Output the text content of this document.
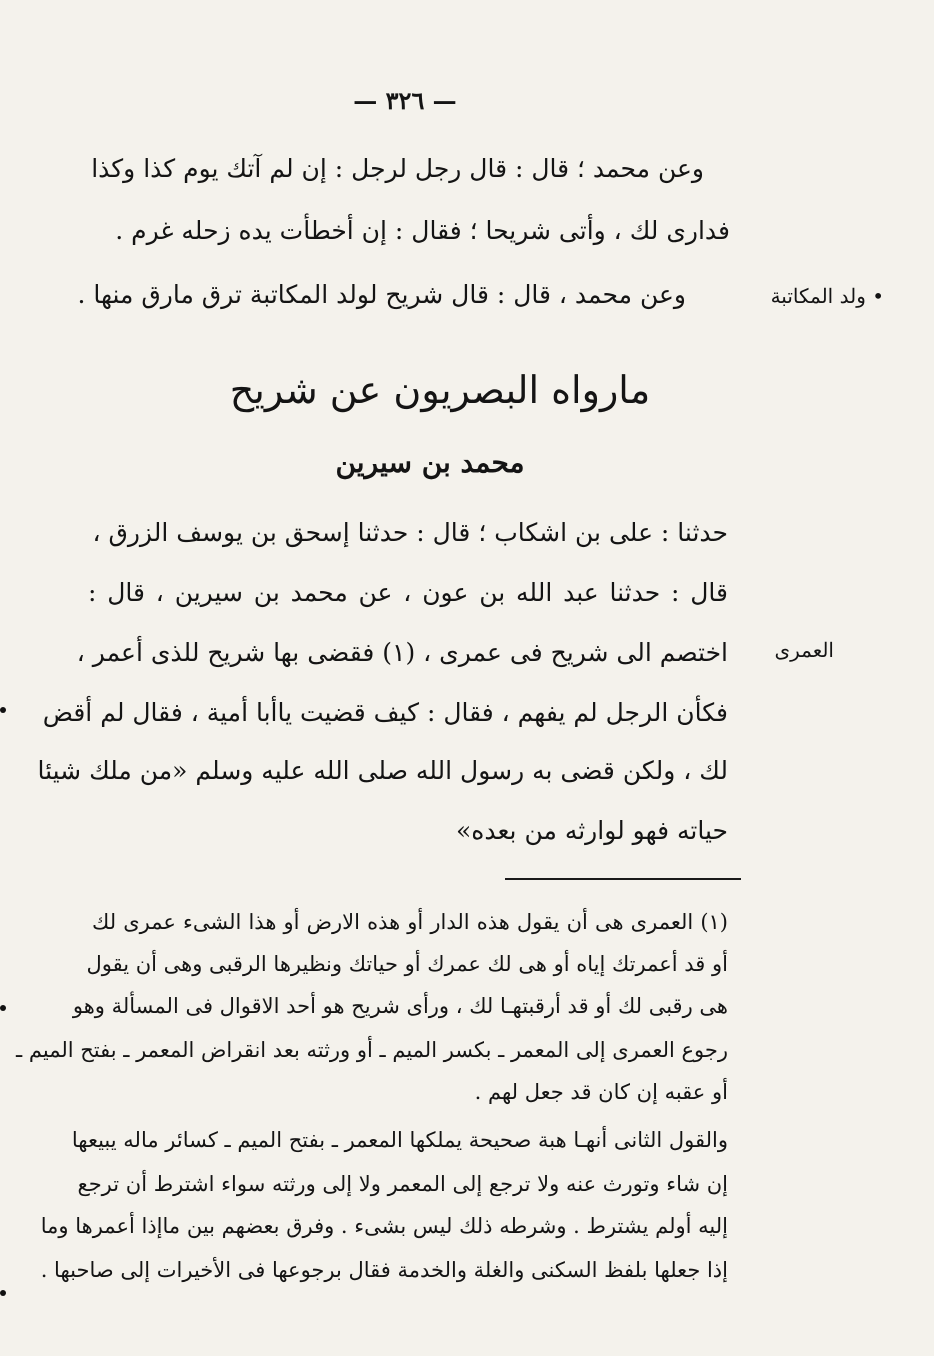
— ٣٢٦ —
وعن محمد ؛ قال : قال رجل لرجل : إن لم آتك يوم كذا وكذا
فدارى لك ، وأتى شريحا ؛ فقال : إن أخطأت يده زحله غرم .
وعن محمد ، قال : قال شريح لولد المكاتبة ترق مارق منها .	• ولد المكاتبة
مارواه البصريون عن شريح
محمد بن سيرين
حدثنا : على بن اشكاب ؛ قال : حدثنا إسحق بن يوسف الزرق ،
قال : حدثنا عبد الله بن عون ، عن محمد بن سيرين ، قال :
اختصم الى شريح فى عمرى ، (١) فقضى بها شريح للذى أعمر ،
فكأن الرجل لم يفهم ، فقال : كيف قضيت ياأبا أمية ، فقال لم أقض
لك ، ولكن قضى به رسول الله صلى الله عليه وسلم «من ملك شيئا
حياته فهو لوارثه من بعده»
العمرى
(١) العمرى هى أن يقول هذه الدار أو هذه الارض أو هذا الشىء عمرى لك
أو قد أعمرتك إياه أو هى لك عمرك أو حياتك ونظيرها الرقبى وهى أن يقول
هى رقبى لك أو قد أرقبتهـا لك ، ورأى شريح هو أحد الاقوال فى المسألة وهو
رجوع العمرى إلى المعمر ـ بكسر الميم ـ أو ورثته بعد انقراض المعمر ـ بفتح الميم ـ
أو عقبه إن كان قد جعل لهم .
والقول الثانى أنهـا هبة صحيحة يملكها المعمر ـ بفتح الميم ـ كسائر ماله يبيعها
إن شاء وتورث عنه ولا ترجع إلى المعمر ولا إلى ورثته سواء اشترط أن ترجع
إليه أولم يشترط . وشرطه ذلك ليس بشىء . وفرق بعضهم بين ماإذا أعمرها وما
إذا جعلها بلفظ السكنى والغلة والخدمة فقال برجوعها فى الأخيرات إلى صاحبها .
